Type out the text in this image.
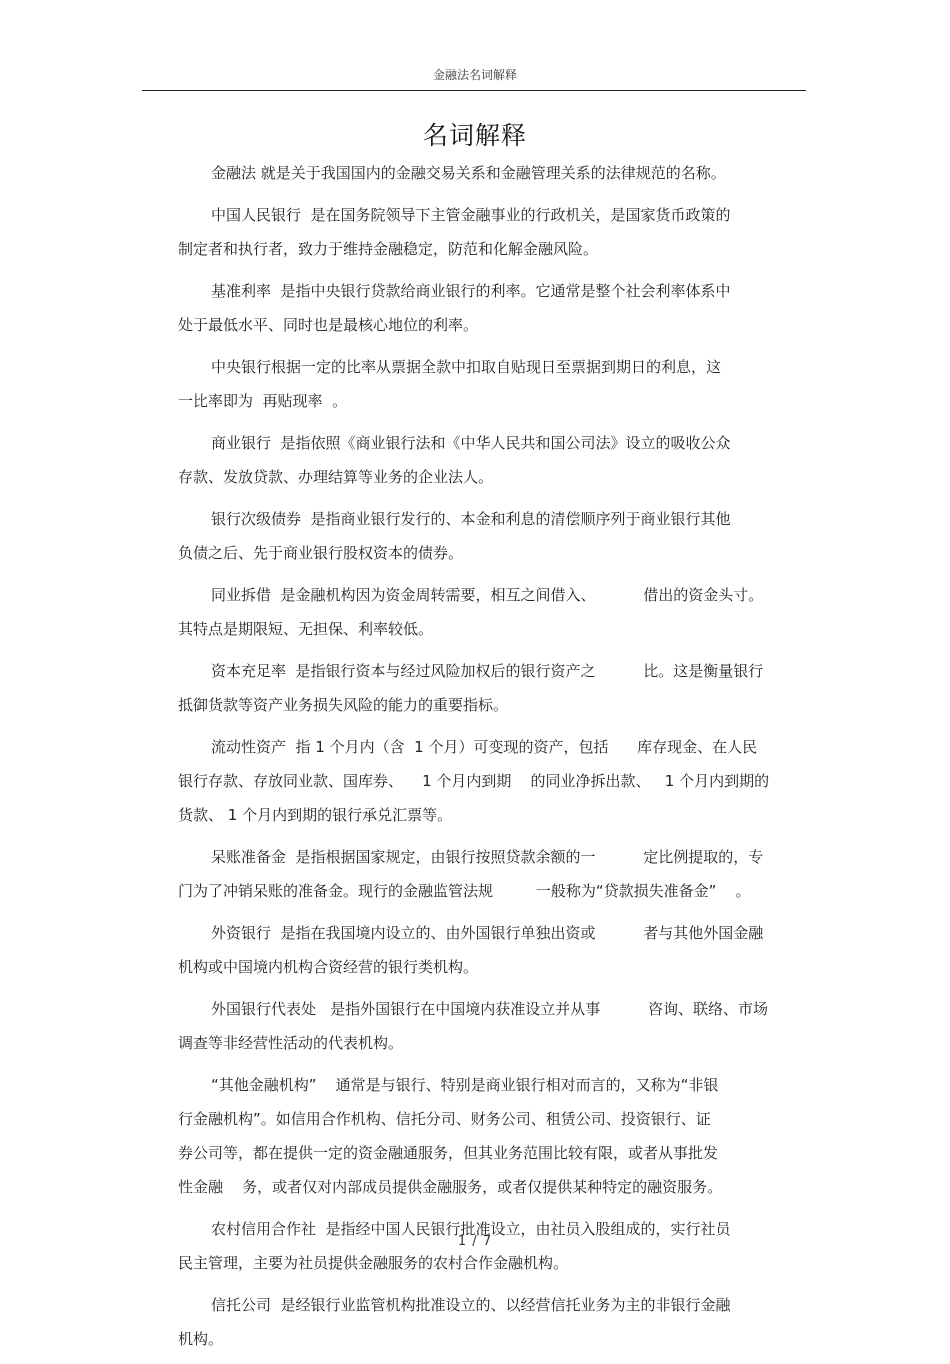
金融法名词解释
名词解释
金融法 就是关于我国国内的金融交易关系和金融管理关系的法律规范的名称。
中国人民银行  是在国务院领导下主管金融事业的行政机关，是国家货币政策的
制定者和执行者，致力于维持金融稳定，防范和化解金融风险。
基准利率  是指中央银行贷款给商业银行的利率。它通常是整个社会利率体系中
处于最低水平、同时也是最核心地位的利率。
中央银行根据一定的比率从票据全款中扣取自贴现日至票据到期日的利息，这
一比率即为  再贴现率  。
商业银行  是指依照《商业银行法和《中华人民共和国公司法》设立的吸收公众
存款、发放贷款、办理结算等业务的企业法人。
银行次级债券  是指商业银行发行的、本金和利息的清偿顺序列于商业银行其他
负债之后、先于商业银行股权资本的债券。
同业拆借  是金融机构因为资金周转需要，相互之间借入、          借出的资金头寸。
其特点是期限短、无担保、利率较低。
资本充足率  是指银行资本与经过风险加权后的银行资产之          比。这是衡量银行
抵御货款等资产业务损失风险的能力的重要指标。
流动性资产  指 1 个月内（含  1 个月）可变现的资产，包括      库存现金、在人民
银行存款、存放同业款、国库券、    1 个月内到期    的同业净拆出款、   1 个月内到期的
货款、 1 个月内到期的银行承兑汇票等。
呆账准备金  是指根据国家规定，由银行按照贷款余额的一          定比例提取的，专
门为了冲销呆账的准备金。现行的金融监管法规         一般称为“贷款损失准备金”    。
外资银行  是指在我国境内设立的、由外国银行单独出资或          者与其他外国金融
机构或中国境内机构合资经营的银行类机构。
外国银行代表处   是指外国银行在中国境内获准设立并从事          咨询、联络、市场
调查等非经营性活动的代表机构。
“其他金融机构”    通常是与银行、特别是商业银行相对而言的，又称为“非银
行金融机构”。如信用合作机构、信托分司、财务公司、租赁公司、投资银行、证
券公司等，都在提供一定的资金融通服务，但其业务范围比较有限，或者从事批发
性金融    务，或者仅对内部成员提供金融服务，或者仅提供某种特定的融资服务。
农村信用合作社  是指经中国人民银行批准设立，由社员入股组成的，实行社员
民主管理，主要为社员提供金融服务的农村合作金融机构。
信托公司  是经银行业监管机构批准设立的、以经营信托业务为主的非银行金融
机构。
1 / 7
